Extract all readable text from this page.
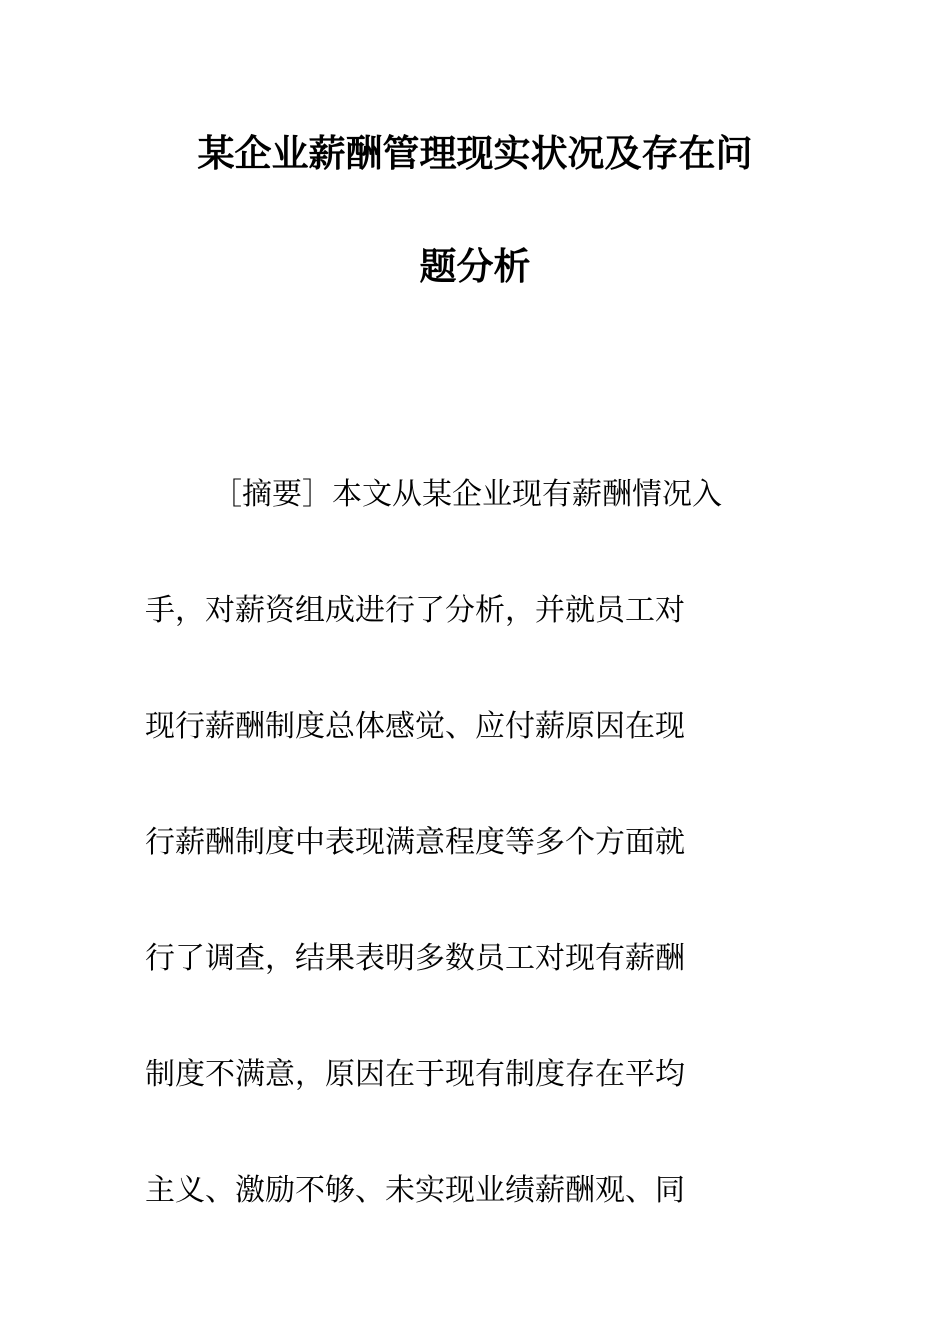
某企业薪酬管理现实状况及存在问
题分析
［摘要］本文从某企业现有薪酬情况入
手，对薪资组成进行了分析，并就员工对
现行薪酬制度总体感觉、应付薪原因在现
行薪酬制度中表现满意程度等多个方面就
行了调查，结果表明多数员工对现有薪酬
制度不满意，原因在于现有制度存在平均
主义、激励不够、未实现业绩薪酬观、同
